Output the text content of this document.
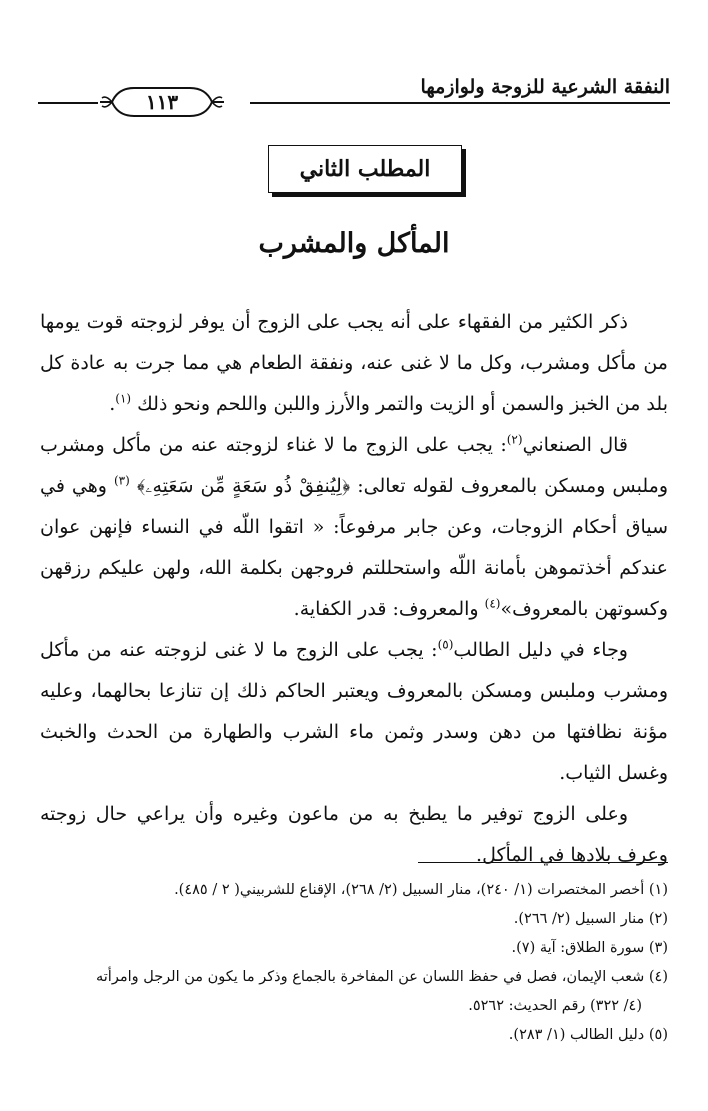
النفقة الشرعية للزوجة ولوازمها
١١٣
المطلب الثاني
المأكل والمشرب

ذكر الكثير من الفقهاء على أنه يجب على الزوج أن يوفر لزوجته قوت يومها من مأكل ومشرب، وكل ما لا غنى عنه، ونفقة الطعام هي مما جرت به عادة كل بلد من الخبز والسمن أو الزيت والتمر والأرز واللبن واللحم ونحو ذلك $^{(١)}$.

قال الصنعاني$^{(٢)}$: يجب على الزوج ما لا غناء لزوجته عنه من مأكل ومشرب وملبس ومسكن بالمعروف لقوله تعالى: ﴿لِيُنفِقْ ذُو سَعَةٍ مِّن سَعَتِهِۦ﴾ $^{(٣)}$ وهي في سياق أحكام الزوجات، وعن جابر مرفوعاً: « اتقوا اللّه في النساء فإنهن عوان عندكم أخذتموهن بأمانة اللّه واستحللتم فروجهن بكلمة الله، ولهن عليكم رزقهن وكسوتهن بالمعروف»$^{(٤)}$ والمعروف: قدر الكفاية.

وجاء في دليل الطالب$^{(٥)}$: يجب على الزوج ما لا غنى لزوجته عنه من مأكل ومشرب وملبس ومسكن بالمعروف ويعتبر الحاكم ذلك إن تنازعا بحالهما، وعليه مؤنة نظافتها من دهن وسدر وثمن ماء الشرب والطهارة من الحدث والخبث وغسل الثياب.

وعلى الزوج توفير ما يطبخ به من ماعون وغيره وأن يراعي حال زوجته وعرف بلادها في المأكل.

(١) أخصر المختصرات (١/ ٢٤٠)، منار السبيل (٢/ ٢٦٨)، الإقناع للشربيني( ٢ / ٤٨٥).

(٢) منار السبيل (٢/ ٢٦٦).

(٣) سورة الطلاق: آية (٧).

(٤) شعب الإيمان، فصل في حفظ اللسان عن المفاخرة بالجماع وذكر ما يكون من الرجل وامرأته

(٤/ ٣٢٢) رقم الحديث: ٥٢٦٢.

(٥) دليل الطالب (١/ ٢٨٣).
